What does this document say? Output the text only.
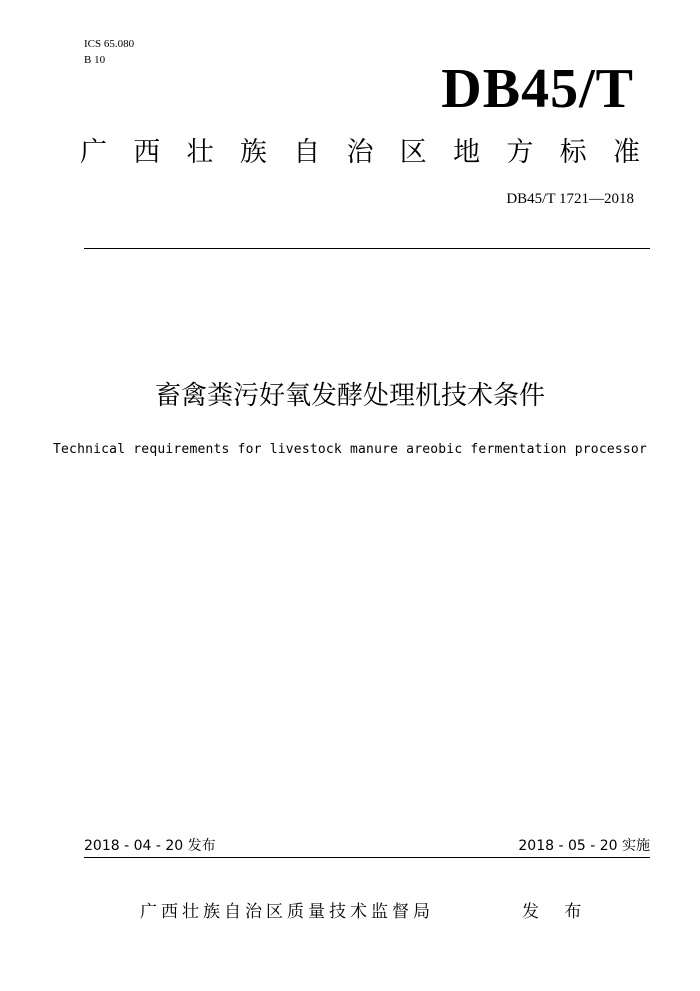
ICS 65.080
B 10	DB45/T
广 西 壮 族 自 治 区 地 方 标 准
DB45/T 1721—2018
畜禽粪污好氧发酵处理机技术条件
Technical requirements for livestock manure areobic fermentation processor
2018 - 04 - 20 发布	2018 - 05 - 20 实施
广西壮族自治区质量技术监督局	发 布
